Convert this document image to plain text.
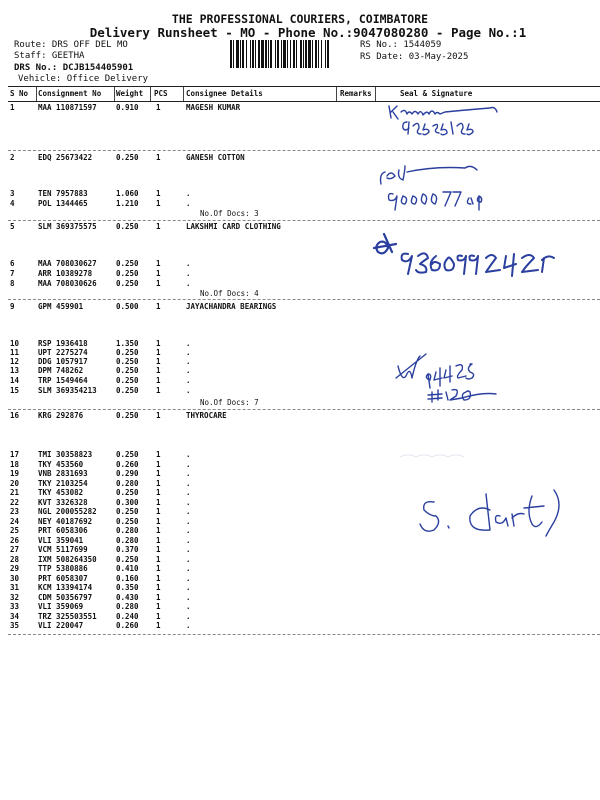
THE PROFESSIONAL COURIERS, COIMBATORE
Delivery Runsheet - MO - Phone No.:9047080280 - Page No.:1
Route: DRS OFF DEL MO
Staff: GEETHA
DRS No.: DCJB154405901
Vehicle: Office Delivery
RS No.: 1544059
RS Date: 03-May-2025
S No Consignment No Weight PCS Consignee Details	Remarks	Seal & Signature
1	MAA 110871597	0.910 1	MAGESH KUMAR
2	EDQ 25673422	0.250 1	GANESH COTTON
3	TEN 7957883	1.060 1	.
4	POL 1344465	1.210 1	.
No.Of Docs: 3
5	SLM 369375575	0.250 1	LAKSHMI CARD CLOTHING
6	MAA 708030627	0.250 1	.
7	ARR 10389278	0.250 1	.
8	MAA 708030626	0.250 1	.
No.Of Docs: 4
9	GPM 459901	0.500 1	JAYACHANDRA BEARINGS
10	RSP 1936418	1.350 1	.
11	UPT 2275274	0.250 1	.
12	DDG 1057917	0.250 1	.
13	DPM 748262	0.250 1	.
14	TRP 1549464	0.250 1	.
15	SLM 369354213	0.250 1	.
No.Of Docs: 7
16	KRG 292876	0.250 1	THYROCARE
17	TMI 30358823	0.250 1	.
18	TKY 453560	0.260 1	.
19	VNB 2831693	0.290 1	.
20	TKY 2103254	0.280 1	.
21	TKY 453082	0.250 1	.
22	KVT 3326328	0.300 1	.
23	NGL 200055282	0.250 1	.
24	NEY 40187692	0.250 1	.
25	PRT 6058306	0.280 1	.
26	VLI 359041	0.280 1	.
27	VCM 5117699	0.370 1	.
28	IXM 508264350	0.250 1	.
29	TTP 5380886	0.410 1	.
30	PRT 6058307	0.160 1	.
31	KCM 13394174	0.350 1	.
32	CDM 50356797	0.430 1	.
33	VLI 359069	0.280 1	.
34	TRZ 325503551	0.240 1	.
35	VLI 220047	0.260 1	.
